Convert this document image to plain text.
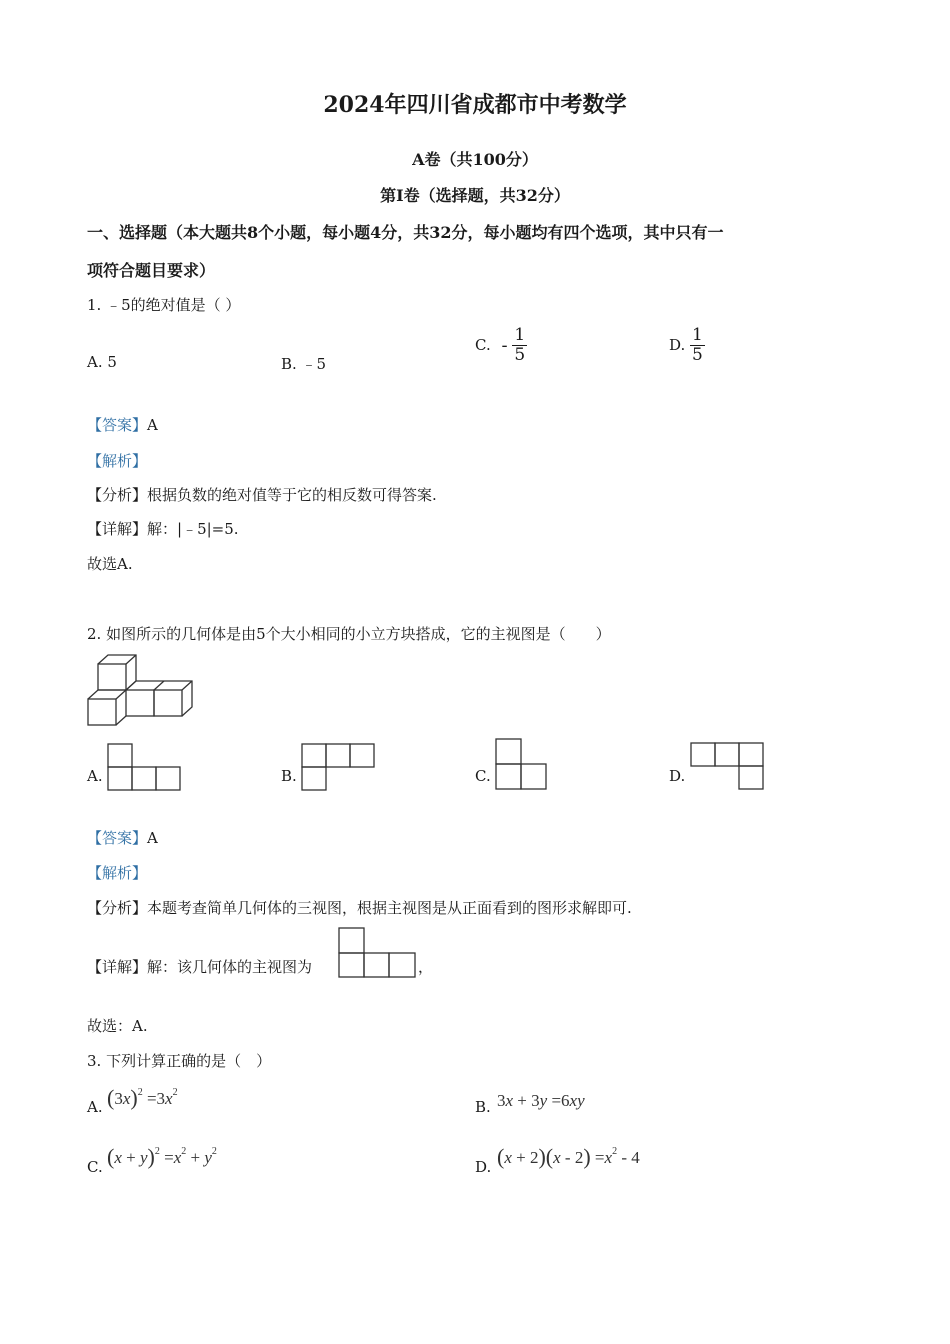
2024年四川省成都市中考数学
A卷（共100分）
第I卷（选择题，共32分）
一、选择题（本大题共8个小题，每小题4分，共32分，每小题均有四个选项，其中只有一
项符合题目要求）
1. ﹣5的绝对值是（ ）
A. 5	B. ﹣5
C. - $\frac{1}{5}$	D. $\frac{1}{5}$
【答案】A
【解析】
【分析】根据负数的绝对值等于它的相反数可得答案.
【详解】解：|﹣5|=5.
故选A.
2. 如图所示的几何体是由5个大小相同的小立方块搭成，它的主视图是（　　）
A.	B.	C.	D.
【答案】A
【解析】
【分析】本题考查简单几何体的三视图，根据主视图是从正面看到的图形求解即可.
【详解】解：该几何体的主视图为	，
故选：A.
3. 下列计算正确的是（　）
A. $(3x)^2 =3x^2$
B. 3x + 3y =6xy
C. $(x + y)^2 =x^2 + y^2$
D. $(x + 2)(x - 2) =x^2 - 4$
